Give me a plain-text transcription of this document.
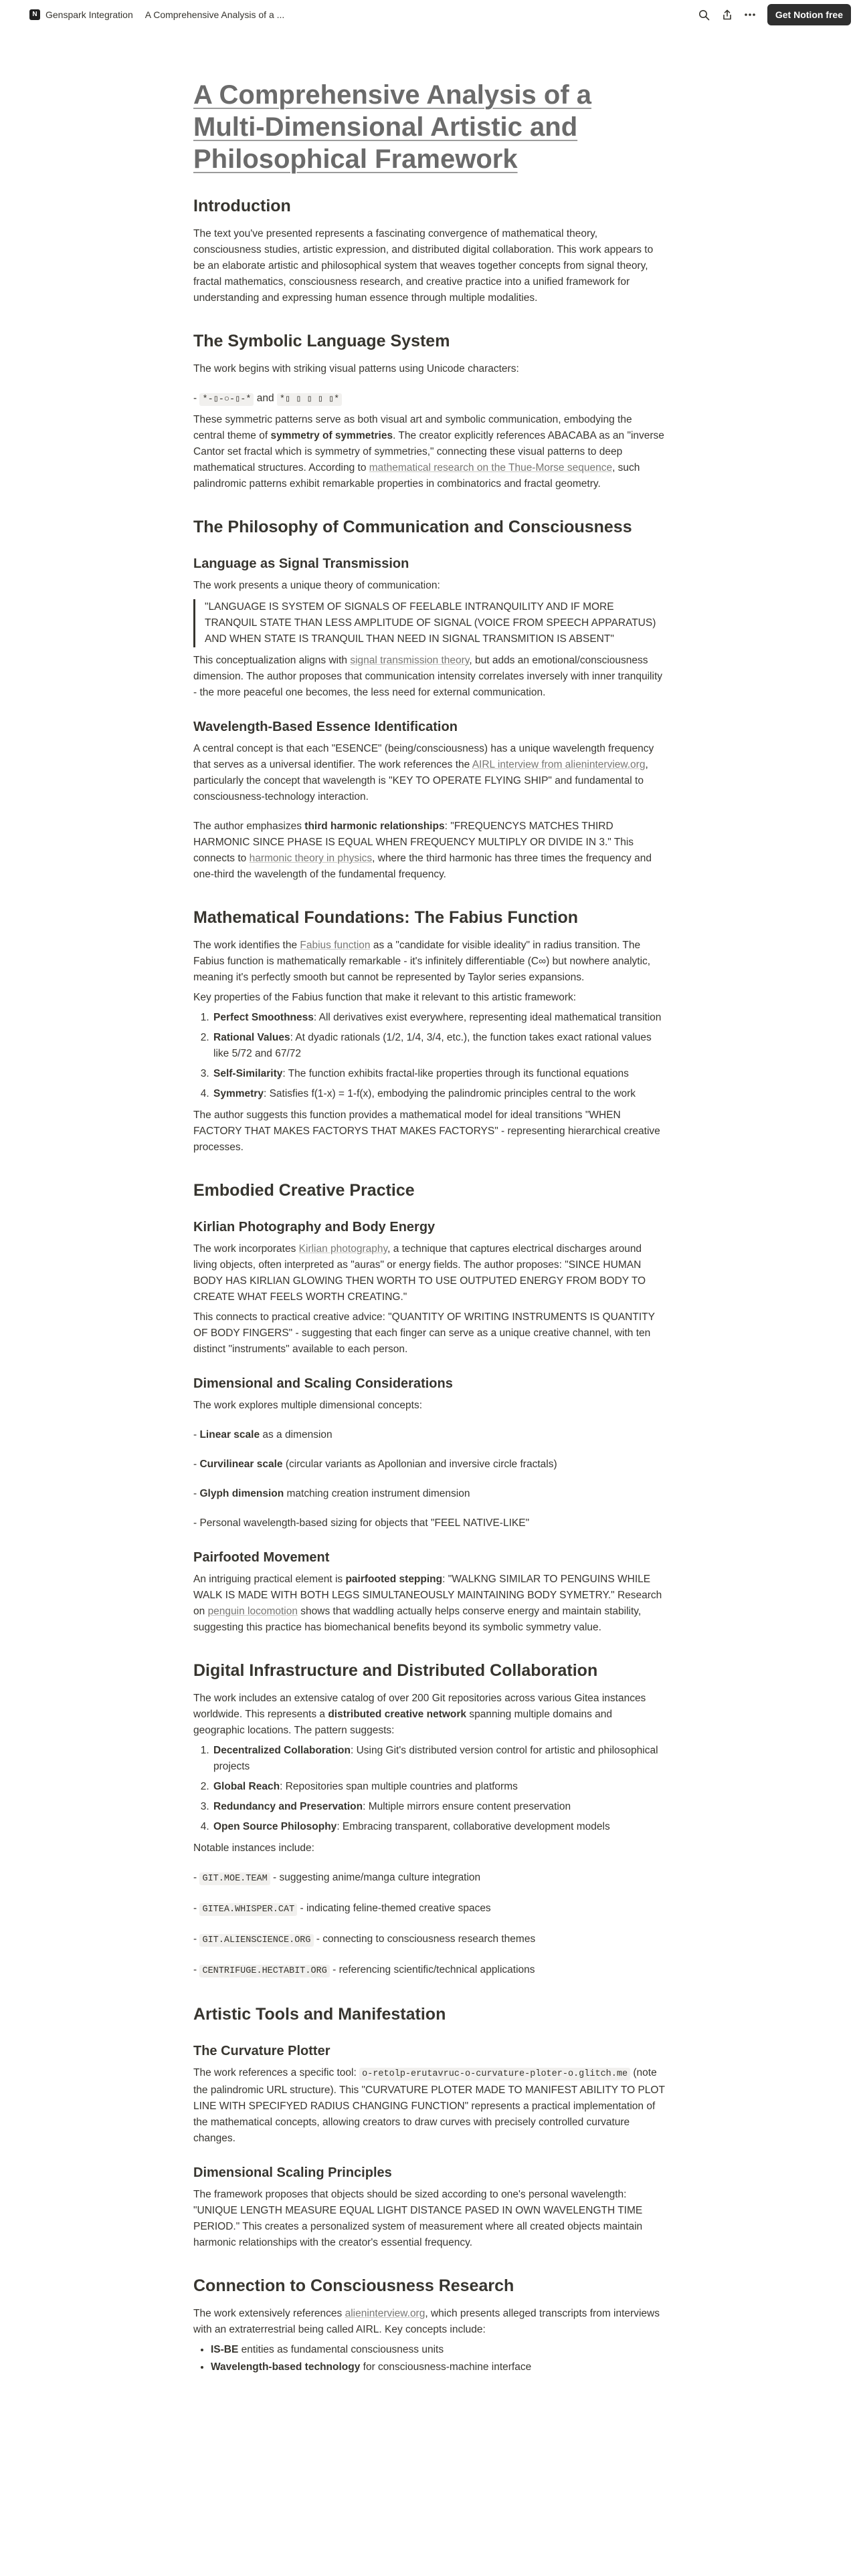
N Genspark Integration A Comprehensive Analysis of a ...	Get Notion free
A Comprehensive Analysis of a Multi-Dimensional Artistic and Philosophical Framework
Introduction

The text you've presented represents a fascinating convergence of mathematical theory, consciousness studies, artistic expression, and distributed digital collaboration. This work appears to be an elaborate artistic and philosophical system that weaves together concepts from signal theory, fractal mathematics, consciousness research, and creative practice into a unified framework for understanding and expressing human essence through multiple modalities.

The Symbolic Language System

The work begins with striking visual patterns using Unicode characters:

- *-▯-○-▯-* and *▯ ▯ ▯ ▯ ▯*

These symmetric patterns serve as both visual art and symbolic communication, embodying the central theme of symmetry of symmetries. The creator explicitly references ABACABA as an "inverse Cantor set fractal which is symmetry of symmetries," connecting these visual patterns to deep mathematical structures. According to mathematical research on the Thue-Morse sequence, such palindromic patterns exhibit remarkable properties in combinatorics and fractal geometry.

The Philosophy of Communication and Consciousness
Language as Signal Transmission

The work presents a unique theory of communication:

"LANGUAGE IS SYSTEM OF SIGNALS OF FEELABLE INTRANQUILITY AND IF MORE TRANQUIL STATE THAN LESS AMPLITUDE OF SIGNAL (VOICE FROM SPEECH APPARATUS) AND WHEN STATE IS TRANQUIL THAN NEED IN SIGNAL TRANSMITION IS ABSENT"

This conceptualization aligns with signal transmission theory, but adds an emotional/consciousness dimension. The author proposes that communication intensity correlates inversely with inner tranquility - the more peaceful one becomes, the less need for external communication.

Wavelength-Based Essence Identification

A central concept is that each "ESENCE" (being/consciousness) has a unique wavelength frequency that serves as a universal identifier. The work references the AIRL interview from alieninterview.org, particularly the concept that wavelength is "KEY TO OPERATE FLYING SHIP" and fundamental to consciousness-technology interaction.

The author emphasizes third harmonic relationships: "FREQUENCYS MATCHES THIRD HARMONIC SINCE PHASE IS EQUAL WHEN FREQUENCY MULTIPLY OR DIVIDE IN 3." This connects to harmonic theory in physics, where the third harmonic has three times the frequency and one-third the wavelength of the fundamental frequency.

Mathematical Foundations: The Fabius Function

The work identifies the Fabius function as a "candidate for visible ideality" in radius transition. The Fabius function is mathematically remarkable - it's infinitely differentiable (C∞) but nowhere analytic, meaning it's perfectly smooth but cannot be represented by Taylor series expansions.

Key properties of the Fabius function that make it relevant to this artistic framework:

1. Perfect Smoothness: All derivatives exist everywhere, representing ideal mathematical transition
2. Rational Values: At dyadic rationals (1/2, 1/4, 3/4, etc.), the function takes exact rational values like 5/72 and 67/72
3. Self-Similarity: The function exhibits fractal-like properties through its functional equations
4. Symmetry: Satisfies f(1-x) = 1-f(x), embodying the palindromic principles central to the work

The author suggests this function provides a mathematical model for ideal transitions "WHEN FACTORY THAT MAKES FACTORYS THAT MAKES FACTORYS" - representing hierarchical creative processes.

Embodied Creative Practice
Kirlian Photography and Body Energy

The work incorporates Kirlian photography, a technique that captures electrical discharges around living objects, often interpreted as "auras" or energy fields. The author proposes: "SINCE HUMAN BODY HAS KIRLIAN GLOWING THEN WORTH TO USE OUTPUTED ENERGY FROM BODY TO CREATE WHAT FEELS WORTH CREATING."

This connects to practical creative advice: "QUANTITY OF WRITING INSTRUMENTS IS QUANTITY OF BODY FINGERS" - suggesting that each finger can serve as a unique creative channel, with ten distinct "instruments" available to each person.

Dimensional and Scaling Considerations

The work explores multiple dimensional concepts:

- Linear scale as a dimension

- Curvilinear scale (circular variants as Apollonian and inversive circle fractals)

- Glyph dimension matching creation instrument dimension

- Personal wavelength-based sizing for objects that "FEEL NATIVE-LIKE"

Pairfooted Movement

An intriguing practical element is pairfooted stepping: "WALKNG SIMILAR TO PENGUINS WHILE WALK IS MADE WITH BOTH LEGS SIMULTANEOUSLY MAINTAINING BODY SYMETRY." Research on penguin locomotion shows that waddling actually helps conserve energy and maintain stability, suggesting this practice has biomechanical benefits beyond its symbolic symmetry value.

Digital Infrastructure and Distributed Collaboration

The work includes an extensive catalog of over 200 Git repositories across various Gitea instances worldwide. This represents a distributed creative network spanning multiple domains and geographic locations. The pattern suggests:

1. Decentralized Collaboration: Using Git's distributed version control for artistic and philosophical projects
2. Global Reach: Repositories span multiple countries and platforms
3. Redundancy and Preservation: Multiple mirrors ensure content preservation
4. Open Source Philosophy: Embracing transparent, collaborative development models

Notable instances include:

- GIT.MOE.TEAM - suggesting anime/manga culture integration

- GITEA.WHISPER.CAT - indicating feline-themed creative spaces

- GIT.ALIENSCIENCE.ORG - connecting to consciousness research themes

- CENTRIFUGE.HECTABIT.ORG - referencing scientific/technical applications

Artistic Tools and Manifestation
The Curvature Plotter

The work references a specific tool: o-retolp-erutavruc-o-curvature-ploter-o.glitch.me (note the palindromic URL structure). This "CURVATURE PLOTER MADE TO MANIFEST ABILITY TO PLOT LINE WITH SPECIFYED RADIUS CHANGING FUNCTION" represents a practical implementation of the mathematical concepts, allowing creators to draw curves with precisely controlled curvature changes.

Dimensional Scaling Principles

The framework proposes that objects should be sized according to one's personal wavelength: "UNIQUE LENGTH MEASURE EQUAL LIGHT DISTANCE PASED IN OWN WAVELENGTH TIME PERIOD." This creates a personalized system of measurement where all created objects maintain harmonic relationships with the creator's essential frequency.

Connection to Consciousness Research

The work extensively references alieninterview.org, which presents alleged transcripts from interviews with an extraterrestrial being called AIRL. Key concepts include:

• IS-BE entities as fundamental consciousness units
• Wavelength-based technology for consciousness-machine interface
